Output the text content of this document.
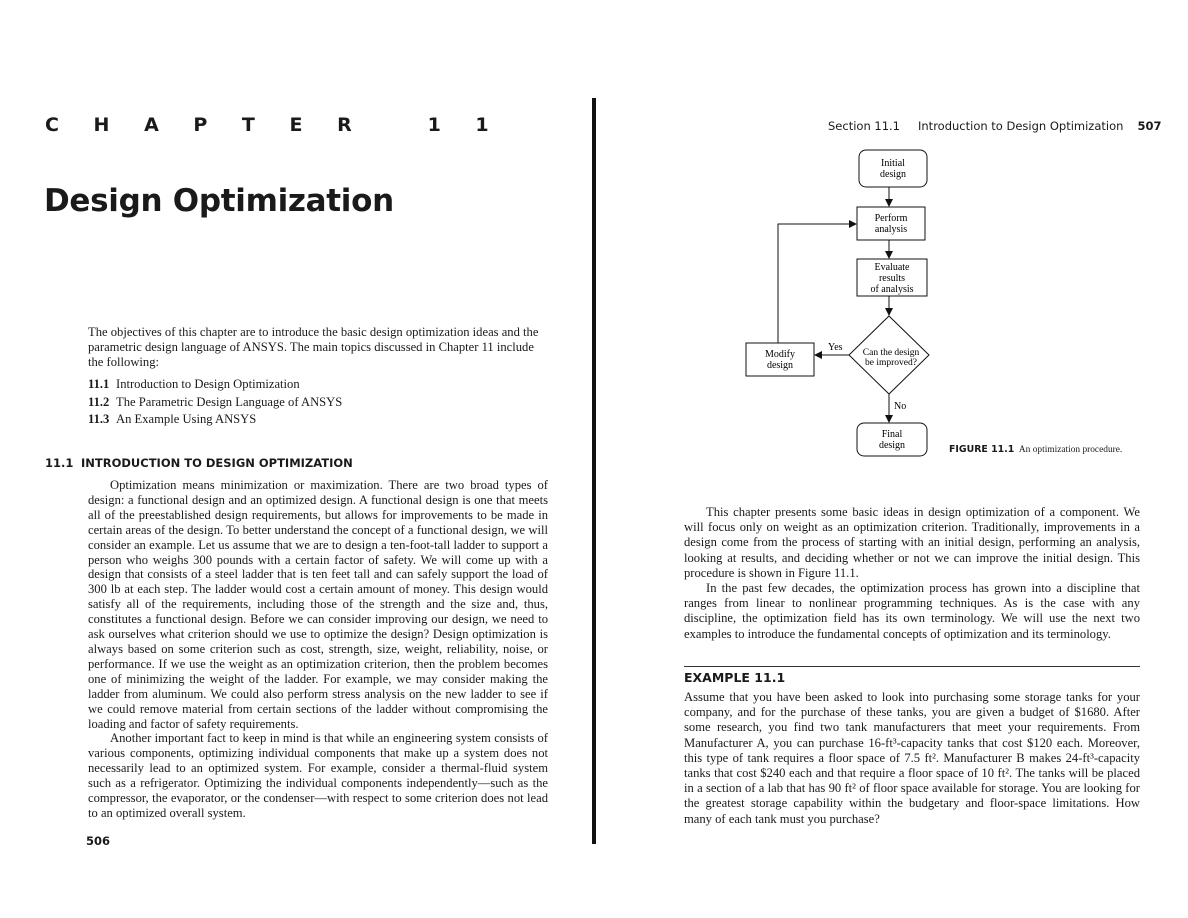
C H A P T E R   1 1
Design Optimization
The objectives of this chapter are to introduce the basic design optimization ideas and the parametric design language of ANSYS. The main topics discussed in Chapter 11 include the following:
11.1 Introduction to Design Optimization
11.2 The Parametric Design Language of ANSYS
11.3 An Example Using ANSYS
11.1 INTRODUCTION TO DESIGN OPTIMIZATION

Optimization means minimization or maximization. There are two broad types of design: a functional design and an optimized design. A functional design is one that meets all of the preestablished design requirements, but allows for improvements to be made in certain areas of the design. To better understand the concept of a functional design, we will consider an example. Let us assume that we are to design a ten-foot-tall ladder to support a person who weighs 300 pounds with a certain factor of safety. We will come up with a design that consists of a steel ladder that is ten feet tall and can safely support the load of 300 lb at each step. The ladder would cost a certain amount of money. This design would satisfy all of the requirements, including those of the strength and the size and, thus, constitutes a functional design. Before we can consider improving our design, we need to ask ourselves what criterion should we use to optimize the design? Design optimization is always based on some criterion such as cost, strength, size, weight, reliability, noise, or performance. If we use the weight as an optimization criterion, then the problem becomes one of minimizing the weight of the ladder. For example, we may consider making the ladder from aluminum. We could also perform stress analysis on the new ladder to see if we could remove material from certain sections of the ladder without compromising the loading and factor of safety requirements.

Another important fact to keep in mind is that while an engineering system consists of various components, optimizing individual components that make up a system does not necessarily lead to an optimized system. For example, consider a thermal-fluid system such as a refrigerator. Optimizing the individual components independently—such as the compressor, the evaporator, or the condenser—with respect to some criterion does not lead to an optimized overall system.

506
Section 11.1 Introduction to Design Optimization 507
Initial
design
Perform
analysis
Evaluate
results
of analysis
Can the design
be improved?
Yes
Modify
design
No
Final
design	FIGURE 11.1 An optimization procedure.

This chapter presents some basic ideas in design optimization of a component. We will focus only on weight as an optimization criterion. Traditionally, improvements in a design come from the process of starting with an initial design, performing an analysis, looking at results, and deciding whether or not we can improve the initial design. This procedure is shown in Figure 11.1.

In the past few decades, the optimization process has grown into a discipline that ranges from linear to nonlinear programming techniques. As is the case with any discipline, the optimization field has its own terminology. We will use the next two examples to introduce the fundamental concepts of optimization and its terminology.

EXAMPLE 11.1

Assume that you have been asked to look into purchasing some storage tanks for your company, and for the purchase of these tanks, you are given a budget of $1680. After some research, you find two tank manufacturers that meet your requirements. From Manufacturer A, you can purchase 16-ft³-capacity tanks that cost $120 each. Moreover, this type of tank requires a floor space of 7.5 ft². Manufacturer B makes 24-ft³-capacity tanks that cost $240 each and that require a floor space of 10 ft². The tanks will be placed in a section of a lab that has 90 ft² of floor space available for storage. You are looking for the greatest storage capability within the budgetary and floor-space limitations. How many of each tank must you purchase?
